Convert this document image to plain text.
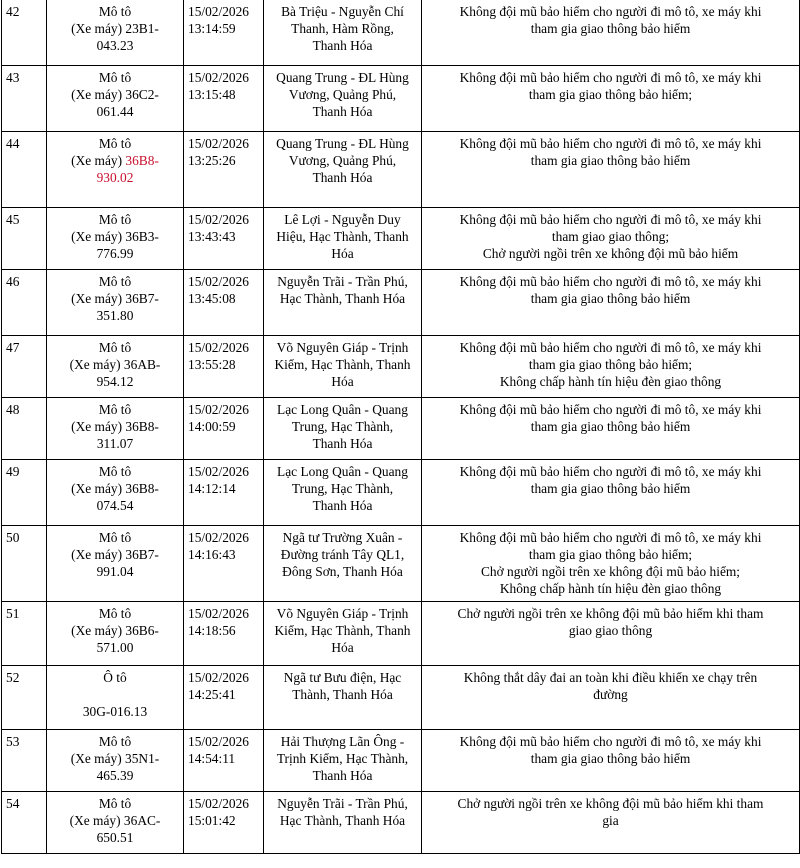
42	Mô tô
(Xe máy) 23B1-
043.23	15/02/2026
13:14:59	Bà Triệu - Nguyễn Chí
Thanh, Hàm Rồng,
Thanh Hóa	Không đội mũ bảo hiểm cho người đi mô tô, xe máy khi
tham gia giao thông bảo hiểm

43	Mô tô
(Xe máy) 36C2-
061.44	15/02/2026
13:15:48	Quang Trung - ĐL Hùng
Vương, Quảng Phú,
Thanh Hóa	Không đội mũ bảo hiểm cho người đi mô tô, xe máy khi
tham gia giao thông bảo hiểm;

44	Mô tô
(Xe máy) 36B8-
930.02	15/02/2026
13:25:26	Quang Trung - ĐL Hùng
Vương, Quảng Phú,
Thanh Hóa	Không đội mũ bảo hiểm cho người đi mô tô, xe máy khi
tham gia giao thông bảo hiểm

45	Mô tô
(Xe máy) 36B3-
776.99	15/02/2026
13:43:43	Lê Lợi - Nguyễn Duy
Hiệu, Hạc Thành, Thanh
Hóa	Không đội mũ bảo hiểm cho người đi mô tô, xe máy khi
tham giao giao thông;
Chở người ngồi trên xe không đội mũ bảo hiểm

46	Mô tô
(Xe máy) 36B7-
351.80	15/02/2026
13:45:08	Nguyễn Trãi - Trần Phú,
Hạc Thành, Thanh Hóa	Không đội mũ bảo hiểm cho người đi mô tô, xe máy khi
tham gia giao thông bảo hiểm

47	Mô tô
(Xe máy) 36AB-
954.12	15/02/2026
13:55:28	Võ Nguyên Giáp - Trịnh
Kiểm, Hạc Thành, Thanh
Hóa	Không đội mũ bảo hiểm cho người đi mô tô, xe máy khi
tham gia giao thông bảo hiểm;
Không chấp hành tín hiệu đèn giao thông

48	Mô tô
(Xe máy) 36B8-
311.07	15/02/2026
14:00:59	Lạc Long Quân - Quang
Trung, Hạc Thành,
Thanh Hóa	Không đội mũ bảo hiểm cho người đi mô tô, xe máy khi
tham gia giao thông bảo hiểm

49	Mô tô
(Xe máy) 36B8-
074.54	15/02/2026
14:12:14	Lạc Long Quân - Quang
Trung, Hạc Thành,
Thanh Hóa	Không đội mũ bảo hiểm cho người đi mô tô, xe máy khi
tham gia giao thông bảo hiểm

50	Mô tô
(Xe máy) 36B7-
991.04	15/02/2026
14:16:43	Ngã tư Trường Xuân -
Đường tránh Tây QL1,
Đông Sơn, Thanh Hóa	Không đội mũ bảo hiểm cho người đi mô tô, xe máy khi
tham gia giao thông bảo hiểm;
Chở người ngồi trên xe không đội mũ bảo hiểm;
Không chấp hành tín hiệu đèn giao thông

51	Mô tô
(Xe máy) 36B6-
571.00	15/02/2026
14:18:56	Võ Nguyên Giáp - Trịnh
Kiểm, Hạc Thành, Thanh
Hóa	Chở người ngồi trên xe không đội mũ bảo hiểm khi tham
giao giao thông

52	Ô tô
30G-016.13	15/02/2026
14:25:41	Ngã tư Bưu điện, Hạc
Thành, Thanh Hóa	Không thắt dây đai an toàn khi điều khiển xe chạy trên
đường

53	Mô tô
(Xe máy) 35N1-
465.39	15/02/2026
14:54:11	Hải Thượng Lãn Ông -
Trịnh Kiểm, Hạc Thành,
Thanh Hóa	Không đội mũ bảo hiểm cho người đi mô tô, xe máy khi
tham gia giao thông bảo hiểm

54	Mô tô
(Xe máy) 36AC-
650.51	15/02/2026
15:01:42	Nguyễn Trãi - Trần Phú,
Hạc Thành, Thanh Hóa	Chở người ngồi trên xe không đội mũ bảo hiểm khi tham
gia
